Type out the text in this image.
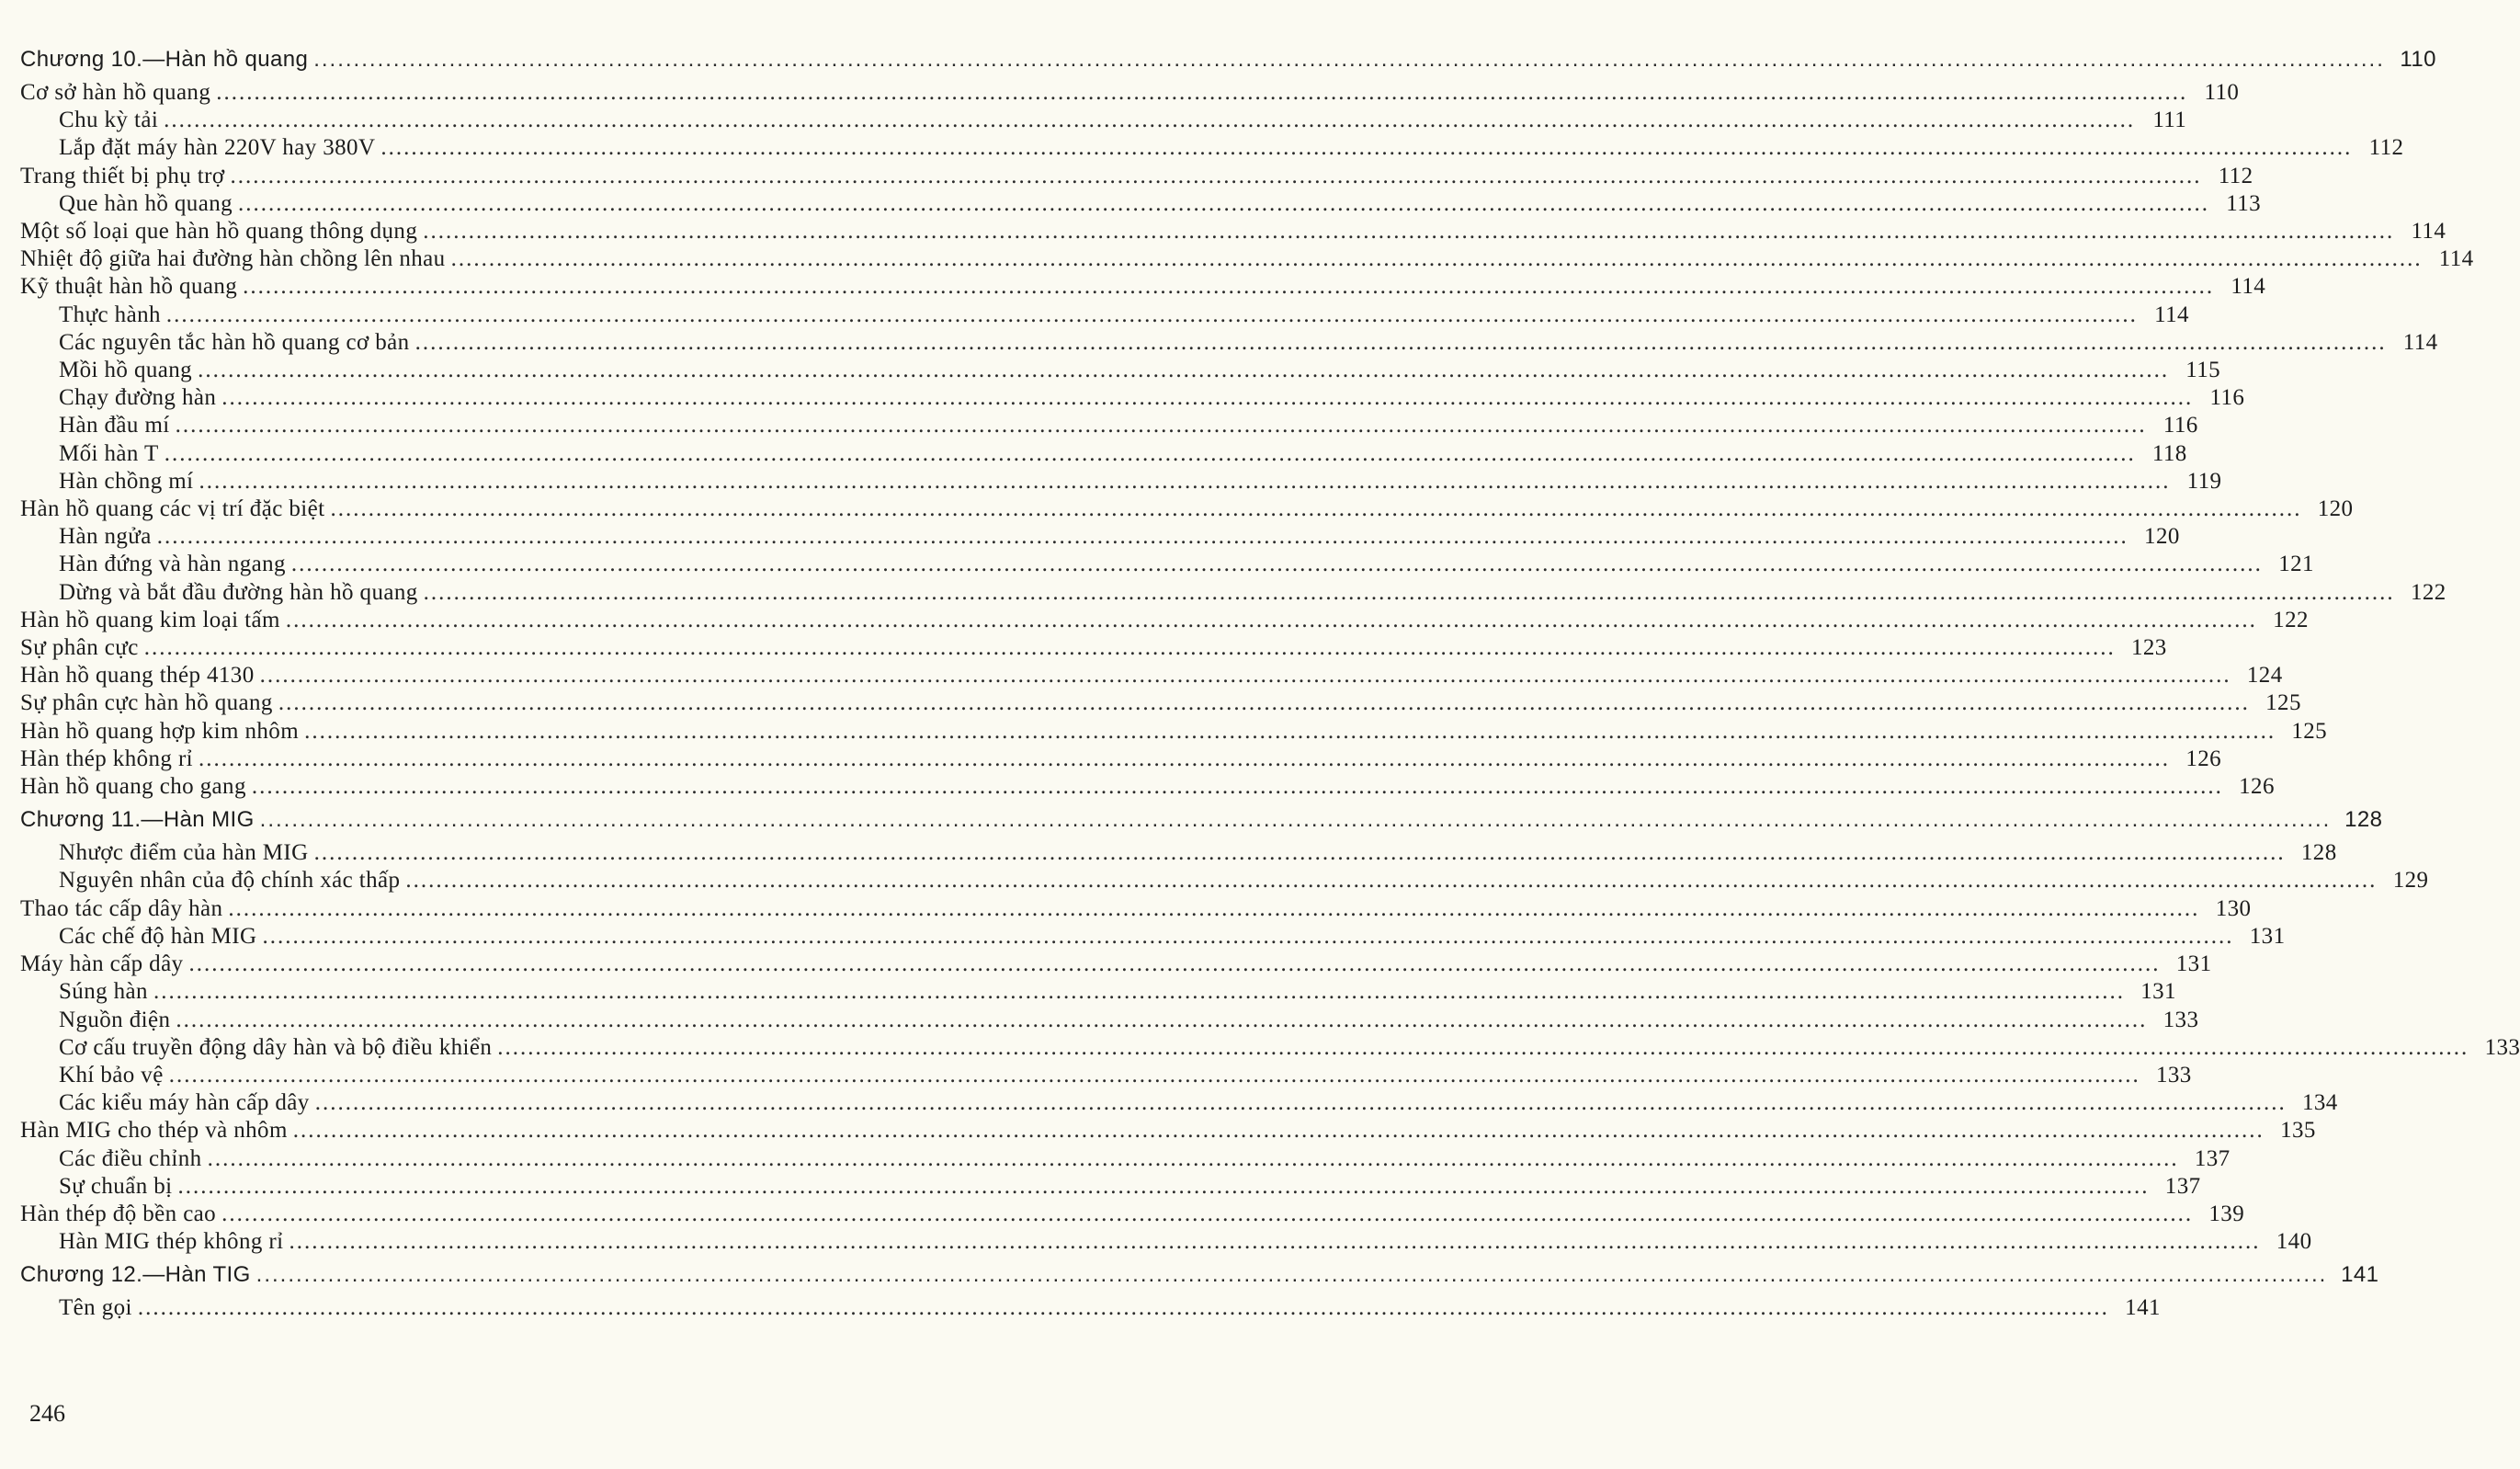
Chương 10.—Hàn hồ quang .................................................................................................................................................................................................................................................................... 110
Cơ sở hàn hồ quang .................................................................................................................................................................................................................................................................... 110
Chu kỳ tải .................................................................................................................................................................................................................................................................... 111
Lắp đặt máy hàn 220V hay 380V .................................................................................................................................................................................................................................................................... 112
Trang thiết bị phụ trợ .................................................................................................................................................................................................................................................................... 112
Que hàn hồ quang .................................................................................................................................................................................................................................................................... 113
Một số loại que hàn hồ quang thông dụng .................................................................................................................................................................................................................................................................... 114
Nhiệt độ giữa hai đường hàn chồng lên nhau .................................................................................................................................................................................................................................................................... 114
Kỹ thuật hàn hồ quang .................................................................................................................................................................................................................................................................... 114
Thực hành .................................................................................................................................................................................................................................................................... 114
Các nguyên tắc hàn hồ quang cơ bản .................................................................................................................................................................................................................................................................... 114
Mồi hồ quang .................................................................................................................................................................................................................................................................... 115
Chạy đường hàn .................................................................................................................................................................................................................................................................... 116
Hàn đầu mí .................................................................................................................................................................................................................................................................... 116
Mối hàn T .................................................................................................................................................................................................................................................................... 118
Hàn chồng mí .................................................................................................................................................................................................................................................................... 119
Hàn hồ quang các vị trí đặc biệt .................................................................................................................................................................................................................................................................... 120
Hàn ngửa .................................................................................................................................................................................................................................................................... 120
Hàn đứng và hàn ngang .................................................................................................................................................................................................................................................................... 121
Dừng và bắt đầu đường hàn hồ quang .................................................................................................................................................................................................................................................................... 122
Hàn hồ quang kim loại tấm .................................................................................................................................................................................................................................................................... 122
Sự phân cực .................................................................................................................................................................................................................................................................... 123
Hàn hồ quang thép 4130 .................................................................................................................................................................................................................................................................... 124
Sự phân cực hàn hồ quang .................................................................................................................................................................................................................................................................... 125
Hàn hồ quang hợp kim nhôm .................................................................................................................................................................................................................................................................... 125
Hàn thép không rỉ .................................................................................................................................................................................................................................................................... 126
Hàn hồ quang cho gang .................................................................................................................................................................................................................................................................... 126
Chương 11.—Hàn MIG .................................................................................................................................................................................................................................................................... 128
Nhược điểm của hàn MIG .................................................................................................................................................................................................................................................................... 128
Nguyên nhân của độ chính xác thấp .................................................................................................................................................................................................................................................................... 129
Thao tác cấp dây hàn .................................................................................................................................................................................................................................................................... 130
Các chế độ hàn MIG .................................................................................................................................................................................................................................................................... 131
Máy hàn cấp dây .................................................................................................................................................................................................................................................................... 131
Súng hàn .................................................................................................................................................................................................................................................................... 131
Nguồn điện .................................................................................................................................................................................................................................................................... 133
Cơ cấu truyền động dây hàn và bộ điều khiển .................................................................................................................................................................................................................................................................... 133
Khí bảo vệ .................................................................................................................................................................................................................................................................... 133
Các kiểu máy hàn cấp dây .................................................................................................................................................................................................................................................................... 134
Hàn MIG cho thép và nhôm .................................................................................................................................................................................................................................................................... 135
Các điều chỉnh .................................................................................................................................................................................................................................................................... 137
Sự chuẩn bị .................................................................................................................................................................................................................................................................... 137
Hàn thép độ bền cao .................................................................................................................................................................................................................................................................... 139
Hàn MIG thép không rỉ .................................................................................................................................................................................................................................................................... 140
Chương 12.—Hàn TIG .................................................................................................................................................................................................................................................................... 141
Tên gọi .................................................................................................................................................................................................................................................................... 141
246
